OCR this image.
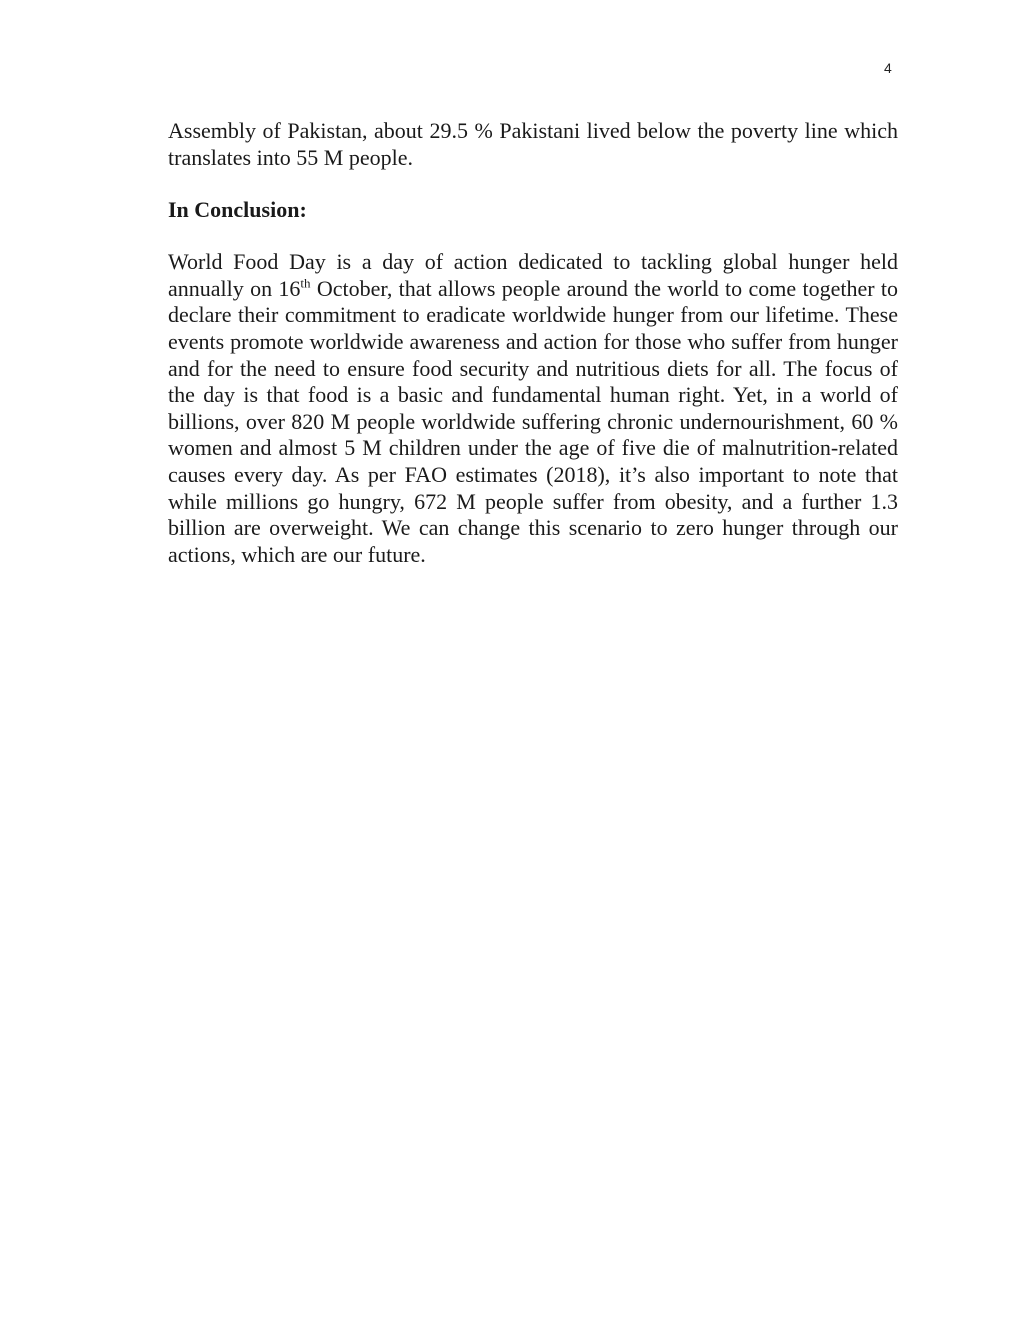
4

Assembly of Pakistan, about 29.5 % Pakistani lived below the poverty line which translates into 55 M people.

In Conclusion:

World Food Day is a day of action dedicated to tackling global hunger held annually on 16th October, that allows people around the world to come together to declare their commitment to eradicate worldwide hunger from our lifetime. These events promote worldwide awareness and action for those who suffer from hunger and for the need to ensure food security and nutritious diets for all. The focus of the day is that food is a basic and fundamental human right. Yet, in a world of billions, over 820 M people worldwide suffering chronic undernourishment, 60 % women and almost 5 M children under the age of five die of malnutrition-related causes every day. As per FAO estimates (2018), it’s also important to note that while millions go hungry, 672 M people suffer from obesity, and a further 1.3 billion are overweight. We can change this scenario to zero hunger through our actions, which are our future.
